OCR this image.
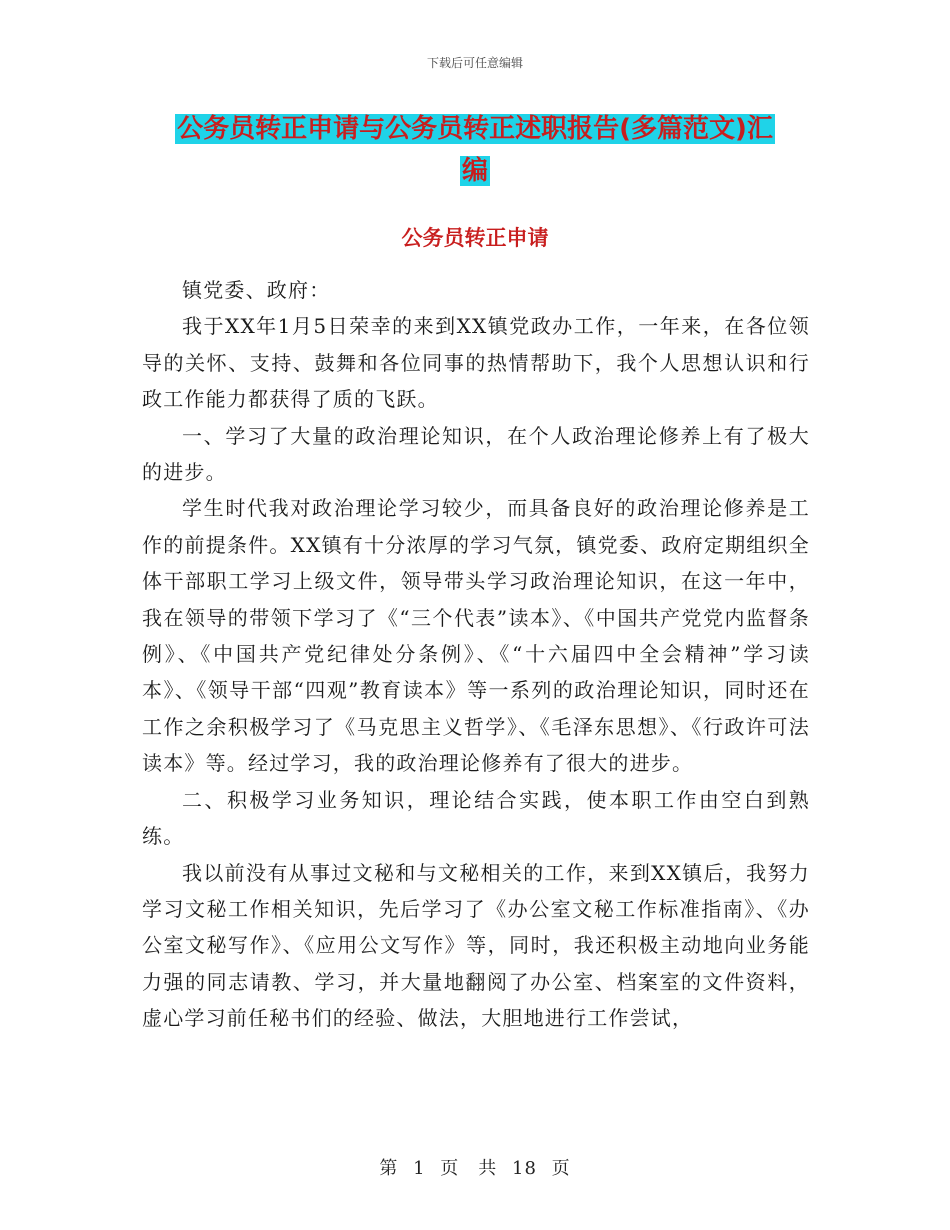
下载后可任意编辑
公务员转正申请与公务员转正述职报告(多篇范文)汇
编
公务员转正申请

镇党委、政府：

我于XX年1月5日荣幸的来到XX镇党政办工作，一年来，在各位领导的关怀、支持、鼓舞和各位同事的热情帮助下，我个人思想认识和行政工作能力都获得了质的飞跃。

一、学习了大量的政治理论知识，在个人政治理论修养上有了极大的进步。

学生时代我对政治理论学习较少，而具备良好的政治理论修养是工作的前提条件。XX镇有十分浓厚的学习气氛，镇党委、政府定期组织全体干部职工学习上级文件，领导带头学习政治理论知识，在这一年中，我在领导的带领下学习了《“三个代表”读本》、《中国共产党党内监督条例》、《中国共产党纪律处分条例》、《“十六届四中全会精神”学习读本》、《领导干部“四观”教育读本》等一系列的政治理论知识，同时还在工作之余积极学习了《马克思主义哲学》、《毛泽东思想》、《行政许可法读本》等。经过学习，我的政治理论修养有了很大的进步。

二、积极学习业务知识，理论结合实践，使本职工作由空白到熟练。

我以前没有从事过文秘和与文秘相关的工作，来到XX镇后，我努力学习文秘工作相关知识，先后学习了《办公室文秘工作标准指南》、《办公室文秘写作》、《应用公文写作》等，同时，我还积极主动地向业务能力强的同志请教、学习，并大量地翻阅了办公室、档案室的文件资料，虚心学习前任秘书们的经验、做法，大胆地进行工作尝试，

第 1 页　共 18 页
